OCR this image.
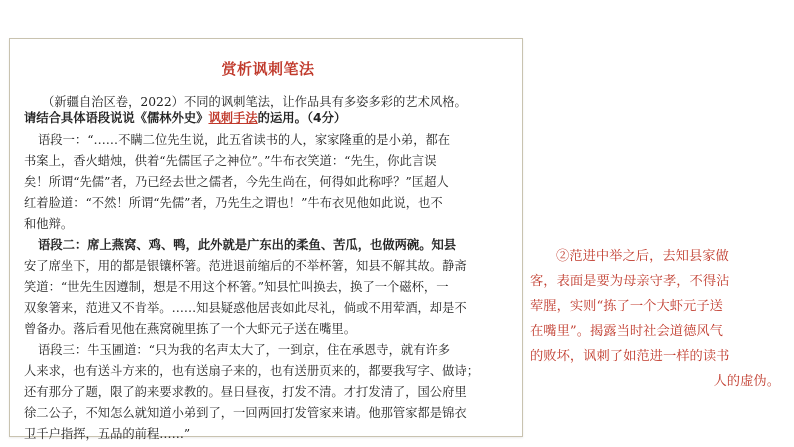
赏析讽刺笔法
（新疆自治区卷，2022）不同的讽刺笔法，让作品具有多姿多彩的艺术风格。
请结合具体语段说说《儒林外史》讽刺手法的运用。（4分）
语段一：“……不瞒二位先生说，此五省读书的人，家家隆重的是小弟，都在
书案上，香火蜡烛，供着“先儒匡子之神位”。”牛布衣笑道：“先生，你此言误
矣！所谓“先儒”者，乃已经去世之儒者，今先生尚在，何得如此称呼？”匡超人
红着脸道：“不然！所谓“先儒”者，乃先生之谓也！”牛布衣见他如此说，也不
和他辩。
语段二：席上燕窝、鸡、鸭，此外就是广东出的柔鱼、苦瓜，也做两碗。知县
安了席坐下，用的都是银镶杯箸。范进退前缩后的不举杯箸，知县不解其故。静斋
笑道：“世先生因遵制，想是不用这个杯箸。”知县忙叫换去，换了一个磁杯，一
双象箸来，范进又不肯举。……知县疑惑他居丧如此尽礼，倘或不用荤酒，却是不
曾备办。落后看见他在燕窝碗里拣了一个大虾元子送在嘴里。
语段三：牛玉圃道：“只为我的名声太大了，一到京，住在承恩寺，就有许多
人来求，也有送斗方来的，也有送扇子来的，也有送册页来的，都要我写字、做诗；
还有那分了题，限了韵来要求教的。昼日昼夜，打发不清。才打发清了，国公府里
徐二公子，不知怎么就知道小弟到了，一回两回打发管家来请。他那管家都是锦衣
卫千户指挥，五品的前程……”
②范进中举之后，去知县家做
客，表面是要为母亲守孝，不得沾
荤腥，实则“拣了一个大虾元子送
在嘴里”。揭露当时社会道德风气
的败坏，讽刺了如范进一样的读书
人的虚伪。
